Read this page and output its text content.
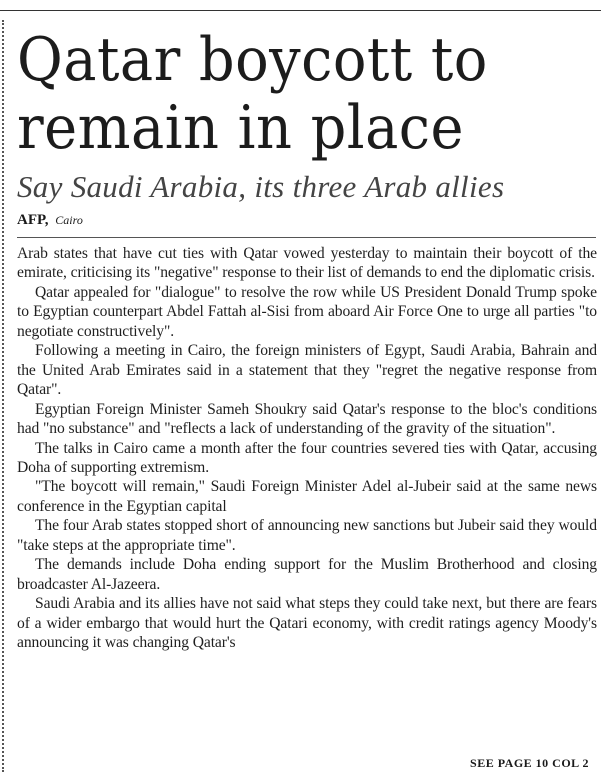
Qatar boycott to
remain in place
Say Saudi Arabia, its three Arab allies
AFP, Cairo

Arab states that have cut ties with Qatar vowed yesterday to maintain their boycott of the emirate, criticising its "negative" response to their list of demands to end the diplomatic crisis.

Qatar appealed for "dialogue" to resolve the row while US President Donald Trump spoke to Egyptian counterpart Abdel Fattah al-Sisi from aboard Air Force One to urge all parties "to negotiate constructively".

Following a meeting in Cairo, the foreign ministers of Egypt, Saudi Arabia, Bahrain and the United Arab Emirates said in a statement that they "regret the negative response from Qatar".

Egyptian Foreign Minister Sameh Shoukry said Qatar's response to the bloc's conditions had "no substance" and "reflects a lack of understanding of the gravity of the situation".

The talks in Cairo came a month after the four countries severed ties with Qatar, accusing Doha of supporting extremism.

"The boycott will remain," Saudi Foreign Minister Adel al-Jubeir said at the same news conference in the Egyptian capital

The four Arab states stopped short of announcing new sanctions but Jubeir said they would "take steps at the appropriate time".

The demands include Doha ending support for the Muslim Brotherhood and closing broadcaster Al-Jazeera.

Saudi Arabia and its allies have not said what steps they could take next, but there are fears of a wider embargo that would hurt the Qatari economy, with credit ratings agency Moody's announcing it was changing Qatar's

SEE PAGE 10 COL 2
